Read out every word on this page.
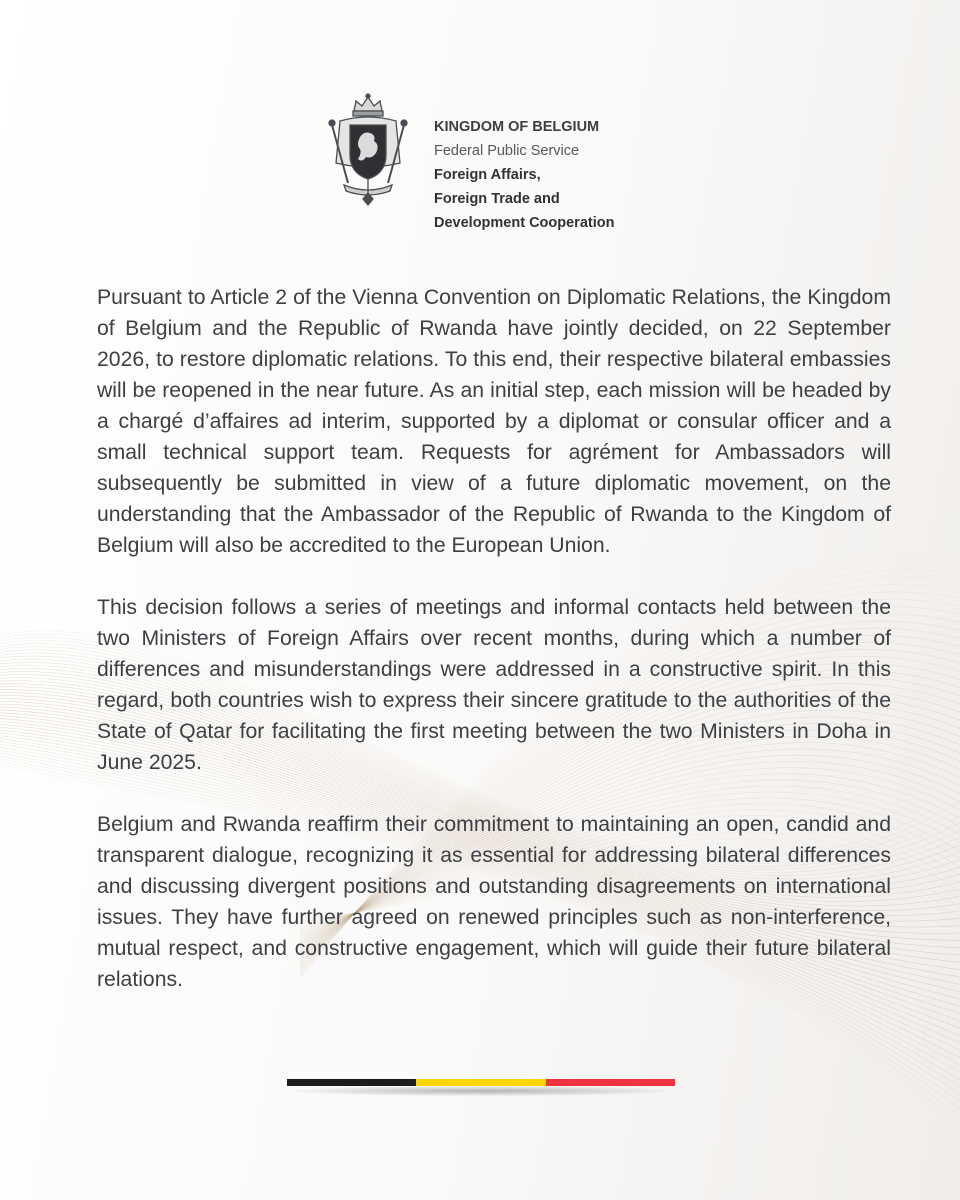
KINGDOM OF BELGIUM
Federal Public Service
Foreign Affairs,
Foreign Trade and
Development Cooperation

Pursuant to Article 2 of the Vienna Convention on Diplomatic Relations, the Kingdom of Belgium and the Republic of Rwanda have jointly decided, on 22 September 2026, to restore diplomatic relations. To this end, their respective bilateral embassies will be reopened in the near future. As an initial step, each mission will be headed by a chargé d’affaires ad interim, supported by a diplomat or consular officer and a small technical support team. Requests for agrément for Ambassadors will subsequently be submitted in view of a future diplomatic movement, on the understanding that the Ambassador of the Republic of Rwanda to the Kingdom of Belgium will also be accredited to the European Union.

This decision follows a series of meetings and informal contacts held between the two Ministers of Foreign Affairs over recent months, during which a number of differences and misunderstandings were addressed in a constructive spirit. In this regard, both countries wish to express their sincere gratitude to the authorities of the State of Qatar for facilitating the first meeting between the two Ministers in Doha in June 2025.

Belgium and Rwanda reaffirm their commitment to maintaining an open, candid and transparent dialogue, recognizing it as essential for addressing bilateral differences and discussing divergent positions and outstanding disagreements on international issues. They have further agreed on renewed principles such as non-interference, mutual respect, and constructive engagement, which will guide their future bilateral relations.
